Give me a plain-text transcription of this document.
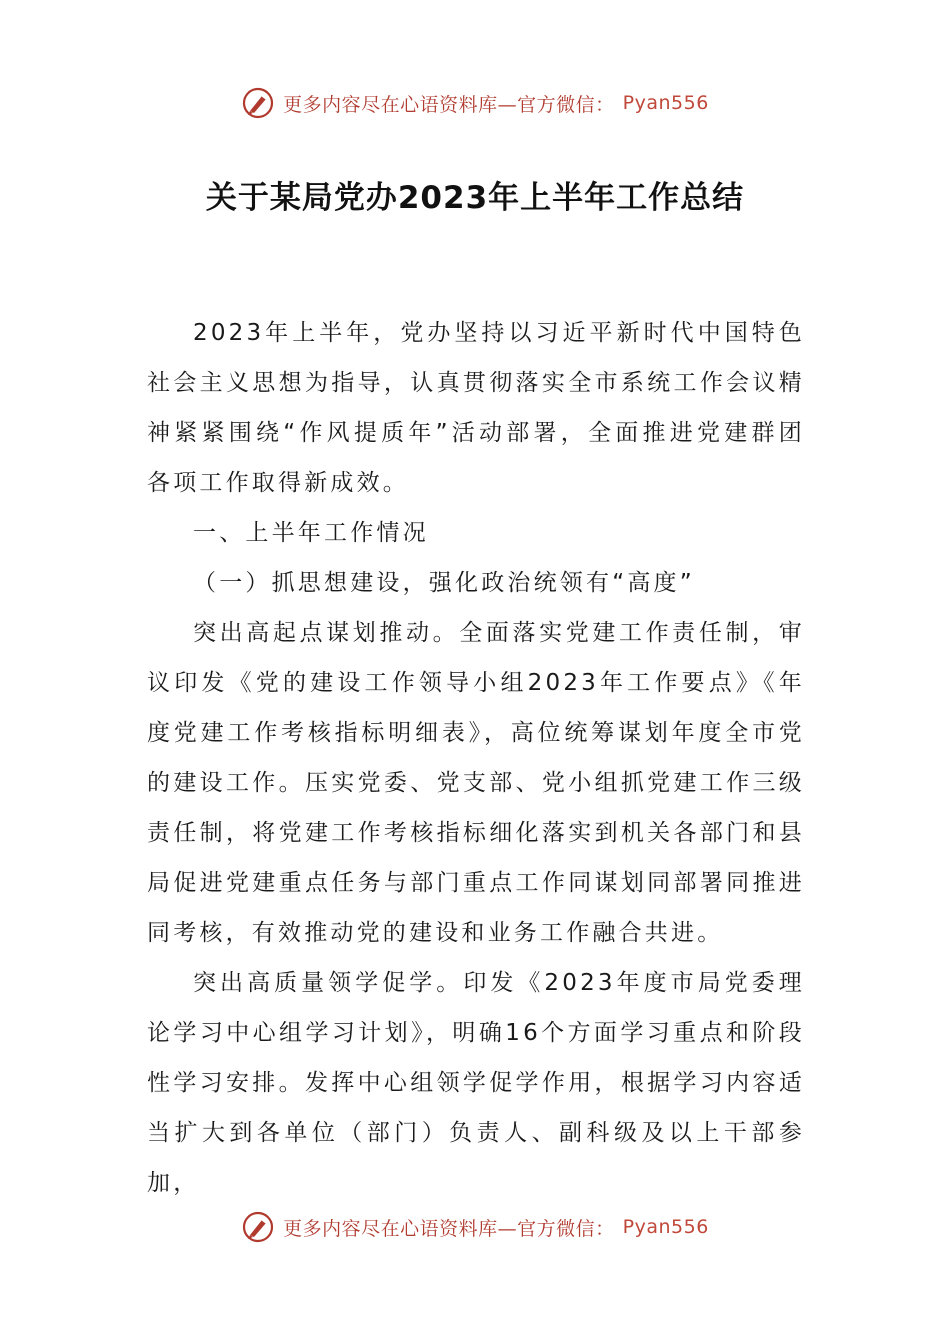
更多内容尽在心语资料库—官方微信： Pyan556
关于某局党办2023年上半年工作总结

2023年上半年，党办坚持以习近平新时代中国特色社会主义思想为指导，认真贯彻落实全市系统工作会议精神紧紧围绕“作风提质年”活动部署，全面推进党建群团各项工作取得新成效。

一、上半年工作情况

（一）抓思想建设，强化政治统领有“高度”

突出高起点谋划推动。全面落实党建工作责任制，审议印发《党的建设工作领导小组2023年工作要点》《年度党建工作考核指标明细表》，高位统筹谋划年度全市党的建设工作。压实党委、党支部、党小组抓党建工作三级责任制，将党建工作考核指标细化落实到机关各部门和县局促进党建重点任务与部门重点工作同谋划同部署同推进同考核，有效推动党的建设和业务工作融合共进。

突出高质量领学促学。印发《2023年度市局党委理论学习中心组学习计划》，明确16个方面学习重点和阶段性学习安排。发挥中心组领学促学作用，根据学习内容适当扩大到各单位（部门）负责人、副科级及以上干部参加，

更多内容尽在心语资料库—官方微信： Pyan556
